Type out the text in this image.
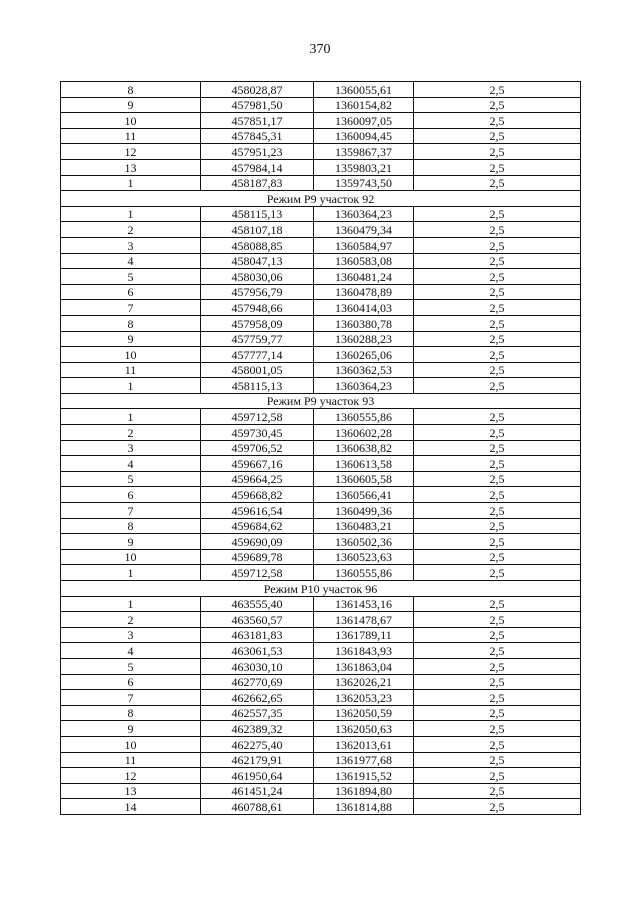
370
8	458028,87	1360055,61	2,5
9	457981,50	1360154,82	2,5
10	457851,17	1360097,05	2,5
11	457845,31	1360094,45	2,5
12	457951,23	1359867,37	2,5
13	457984,14	1359803,21	2,5
1	458187,83	1359743,50	2,5
Режим Р9 участок 92			
1	458115,13	1360364,23	2,5
2	458107,18	1360479,34	2,5
3	458088,85	1360584,97	2,5
4	458047,13	1360583,08	2,5
5	458030,06	1360481,24	2,5
6	457956,79	1360478,89	2,5
7	457948,66	1360414,03	2,5
8	457958,09	1360380,78	2,5
9	457759,77	1360288,23	2,5
10	457777,14	1360265,06	2,5
11	458001,05	1360362,53	2,5
1	458115,13	1360364,23	2,5
Режим Р9 участок 93			
1	459712,58	1360555,86	2,5
2	459730,45	1360602,28	2,5
3	459706,52	1360638,82	2,5
4	459667,16	1360613,58	2,5
5	459664,25	1360605,58	2,5
6	459668,82	1360566,41	2,5
7	459616,54	1360499,36	2,5
8	459684,62	1360483,21	2,5
9	459690,09	1360502,36	2,5
10	459689,78	1360523,63	2,5
1	459712,58	1360555,86	2,5
Режим Р10 участок 96			
1	463555,40	1361453,16	2,5
2	463560,57	1361478,67	2,5
3	463181,83	1361789,11	2,5
4	463061,53	1361843,93	2,5
5	463030,10	1361863,04	2,5
6	462770,69	1362026,21	2,5
7	462662,65	1362053,23	2,5
8	462557,35	1362050,59	2,5
9	462389,32	1362050,63	2,5
10	462275,40	1362013,61	2,5
11	462179,91	1361977,68	2,5
12	461950,64	1361915,52	2,5
13	461451,24	1361894,80	2,5
14	460788,61	1361814,88	2,5
